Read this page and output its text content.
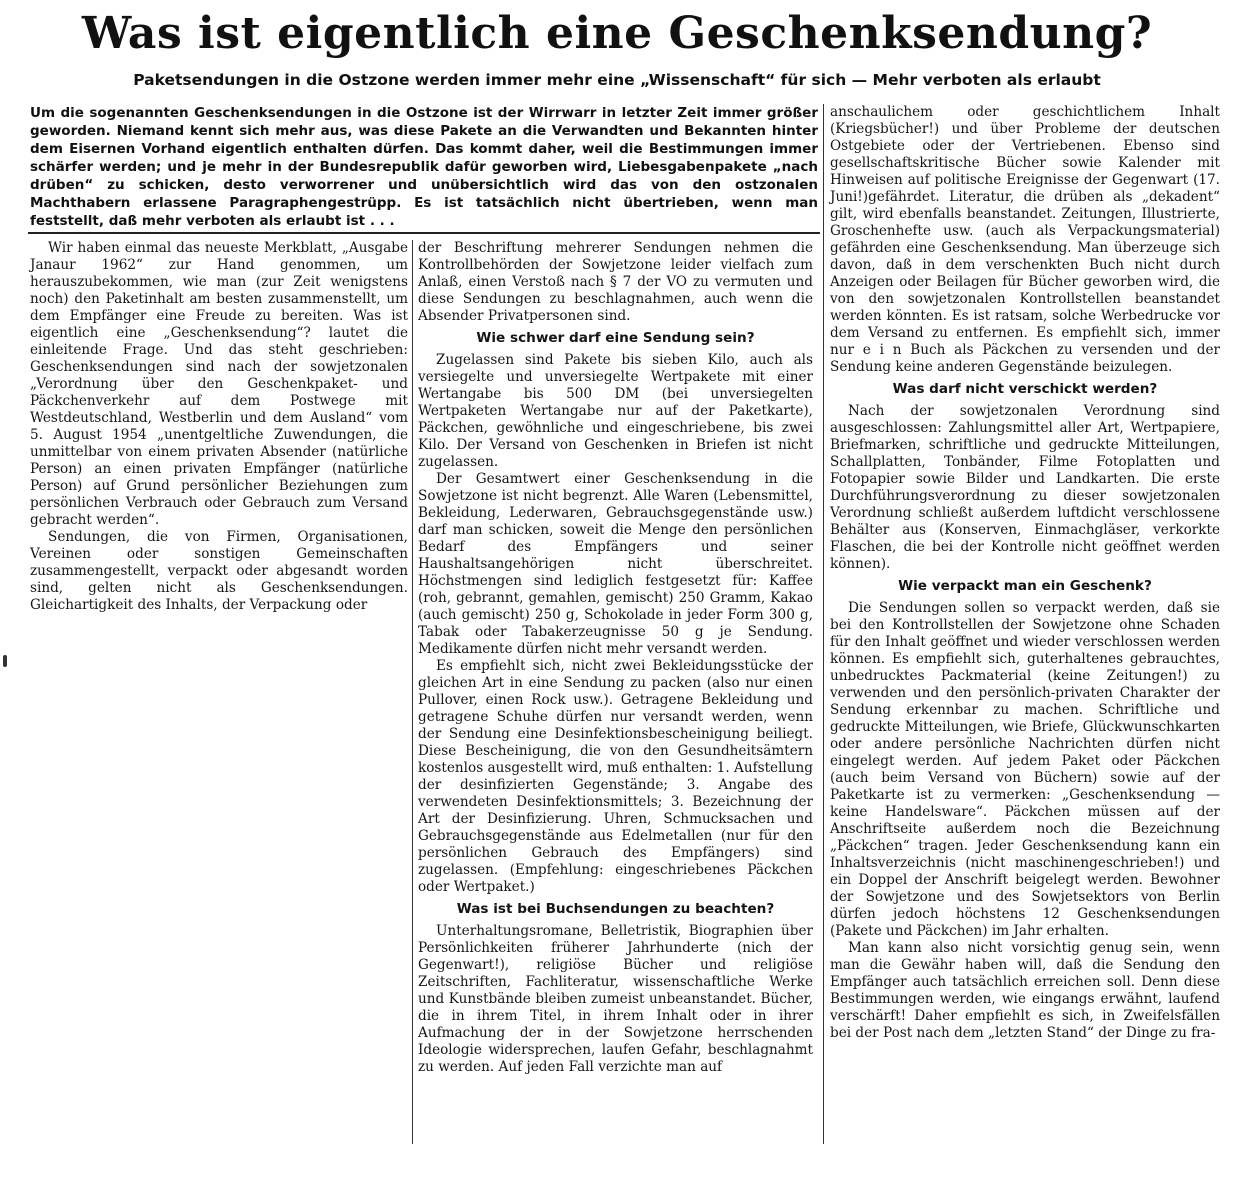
Was ist eigentlich eine Geschenksendung?
Paketsendungen in die Ostzone werden immer mehr eine „Wissenschaft“ für sich — Mehr verboten als erlaubt
Um die sogenannten Geschenksendungen in die Ostzone ist der Wirrwarr in letzter Zeit immer größer geworden. Niemand kennt sich mehr aus, was diese Pakete an die Verwandten und Bekannten hinter dem Eisernen Vorhand eigentlich enthalten dürfen. Das kommt daher, weil die Bestimmungen immer schärfer werden; und je mehr in der Bundesrepublik dafür geworben wird, Liebesgabenpakete „nach drüben“ zu schicken, desto verworrener und unübersichtlich wird das von den ostzonalen Machthabern erlassene Paragraphengestrüpp. Es ist tatsächlich nicht übertrieben, wenn man feststellt, daß mehr verboten als erlaubt ist . . .

Wir haben einmal das neueste Merkblatt, „Ausgabe Janaur 1962“ zur Hand genommen, um herauszubekommen, wie man (zur Zeit wenigstens noch) den Paketinhalt am besten zusammenstellt, um dem Empfänger eine Freude zu bereiten. Was ist eigentlich eine „Geschenksendung“? lautet die einleitende Frage. Und das steht geschrieben: Geschenksendungen sind nach der sowjetzonalen „Verordnung über den Geschenkpaket- und Päckchenverkehr auf dem Postwege mit Westdeutschland, Westberlin und dem Ausland“ vom 5. August 1954 „unentgeltliche Zuwendungen, die unmittelbar von einem privaten Absender (natürliche Person) an einen privaten Empfänger (natürliche Person) auf Grund persönlicher Beziehungen zum persönlichen Verbrauch oder Gebrauch zum Versand gebracht werden“.

Sendungen, die von Firmen, Organisationen, Vereinen oder sonstigen Gemeinschaften zusammengestellt, verpackt oder abgesandt worden sind, gelten nicht als Geschenksendungen. Gleichartigkeit des Inhalts, der Verpackung oder

der Beschriftung mehrerer Sendungen nehmen die Kontrollbehörden der Sowjetzone leider vielfach zum Anlaß, einen Verstoß nach § 7 der VO zu vermuten und diese Sendungen zu beschlagnahmen, auch wenn die Absender Privatpersonen sind.

Wie schwer darf eine Sendung sein?

Zugelassen sind Pakete bis sieben Kilo, auch als versiegelte und unversiegelte Wertpakete mit einer Wertangabe bis 500 DM (bei unversiegelten Wertpaketen Wertangabe nur auf der Paketkarte), Päckchen, gewöhnliche und eingeschriebene, bis zwei Kilo. Der Versand von Geschenken in Briefen ist nicht zugelassen.

Der Gesamtwert einer Geschenksendung in die Sowjetzone ist nicht begrenzt. Alle Waren (Lebensmittel, Bekleidung, Lederwaren, Gebrauchsgegenstände usw.) darf man schicken, soweit die Menge den persönlichen Bedarf des Empfängers und seiner Haushaltsangehörigen nicht überschreitet. Höchstmengen sind lediglich festgesetzt für: Kaffee (roh, gebrannt, gemahlen, gemischt) 250 Gramm, Kakao (auch gemischt) 250 g, Schokolade in jeder Form 300 g, Tabak oder Tabakerzeugnisse 50 g je Sendung. Medikamente dürfen nicht mehr versandt werden.

Es empfiehlt sich, nicht zwei Bekleidungsstücke der gleichen Art in eine Sendung zu packen (also nur einen Pullover, einen Rock usw.). Getragene Bekleidung und getragene Schuhe dürfen nur versandt werden, wenn der Sendung eine Desinfektionsbescheinigung beiliegt. Diese Bescheinigung, die von den Gesundheitsämtern kostenlos ausgestellt wird, muß enthalten: 1. Aufstellung der desinfizierten Gegenstände; 3. Angabe des verwendeten Desinfektionsmittels; 3. Bezeichnung der Art der Desinfizierung. Uhren, Schmucksachen und Gebrauchsgegenstände aus Edelmetallen (nur für den persönlichen Gebrauch des Empfängers) sind zugelassen. (Empfehlung: eingeschriebenes Päckchen oder Wertpaket.)

Was ist bei Buchsendungen zu beachten?

Unterhaltungsromane, Belletristik, Biographien über Persönlichkeiten früherer Jahrhunderte (nich der Gegenwart!), religiöse Bücher und religiöse Zeitschriften, Fachliteratur, wissenschaftliche Werke und Kunstbände bleiben zumeist unbeanstandet. Bücher, die in ihrem Titel, in ihrem Inhalt oder in ihrer Aufmachung der in der Sowjetzone herrschenden Ideologie widersprechen, laufen Gefahr, beschlagnahmt zu werden. Auf jeden Fall verzichte man auf

anschaulichem oder geschichtlichem Inhalt (Kriegsbücher!) und über Probleme der deutschen Ostgebiete oder der Vertriebenen. Ebenso sind gesellschaftskritische Bücher sowie Kalender mit Hinweisen auf politische Ereignisse der Gegenwart (17. Juni!)gefährdet. Literatur, die drüben als „dekadent“ gilt, wird ebenfalls beanstandet. Zeitungen, Illustrierte, Groschenhefte usw. (auch als Verpackungsmaterial) gefährden eine Geschenksendung. Man überzeuge sich davon, daß in dem verschenkten Buch nicht durch Anzeigen oder Beilagen für Bücher geworben wird, die von den sowjetzonalen Kontrollstellen beanstandet werden könnten. Es ist ratsam, solche Werbedrucke vor dem Versand zu entfernen. Es empfiehlt sich, immer nur e i n Buch als Päckchen zu versenden und der Sendung keine anderen Gegenstände beizulegen.

Was darf nicht verschickt werden?

Nach der sowjetzonalen Verordnung sind ausgeschlossen: Zahlungsmittel aller Art, Wertpapiere, Briefmarken, schriftliche und gedruckte Mitteilungen, Schallplatten, Tonbänder, Filme Fotoplatten und Fotopapier sowie Bilder und Landkarten. Die erste Durchführungsverordnung zu dieser sowjetzonalen Verordnung schließt außerdem luftdicht verschlossene Behälter aus (Konserven, Einmachgläser, verkorkte Flaschen, die bei der Kontrolle nicht geöffnet werden können).

Wie verpackt man ein Geschenk?

Die Sendungen sollen so verpackt werden, daß sie bei den Kontrollstellen der Sowjetzone ohne Schaden für den Inhalt geöffnet und wieder verschlossen werden können. Es empfiehlt sich, guterhaltenes gebrauchtes, unbedrucktes Packmaterial (keine Zeitungen!) zu verwenden und den persönlich-privaten Charakter der Sendung erkennbar zu machen. Schriftliche und gedruckte Mitteilungen, wie Briefe, Glückwunschkarten oder andere persönliche Nachrichten dürfen nicht eingelegt werden. Auf jedem Paket oder Päckchen (auch beim Versand von Büchern) sowie auf der Paketkarte ist zu vermerken: „Geschenksendung — keine Handelsware“. Päckchen müssen auf der Anschriftseite außerdem noch die Bezeichnung „Päckchen“ tragen. Jeder Geschenksendung kann ein Inhaltsverzeichnis (nicht maschinengeschrieben!) und ein Doppel der Anschrift beigelegt werden. Bewohner der Sowjetzone und des Sowjetsektors von Berlin dürfen jedoch höchstens 12 Geschenksendungen (Pakete und Päckchen) im Jahr erhalten.

Man kann also nicht vorsichtig genug sein, wenn man die Gewähr haben will, daß die Sendung den Empfänger auch tatsächlich erreichen soll. Denn diese Bestimmungen werden, wie eingangs erwähnt, laufend verschärft! Daher empfiehlt es sich, in Zweifelsfällen bei der Post nach dem „letzten Stand“ der Dinge zu fra-
